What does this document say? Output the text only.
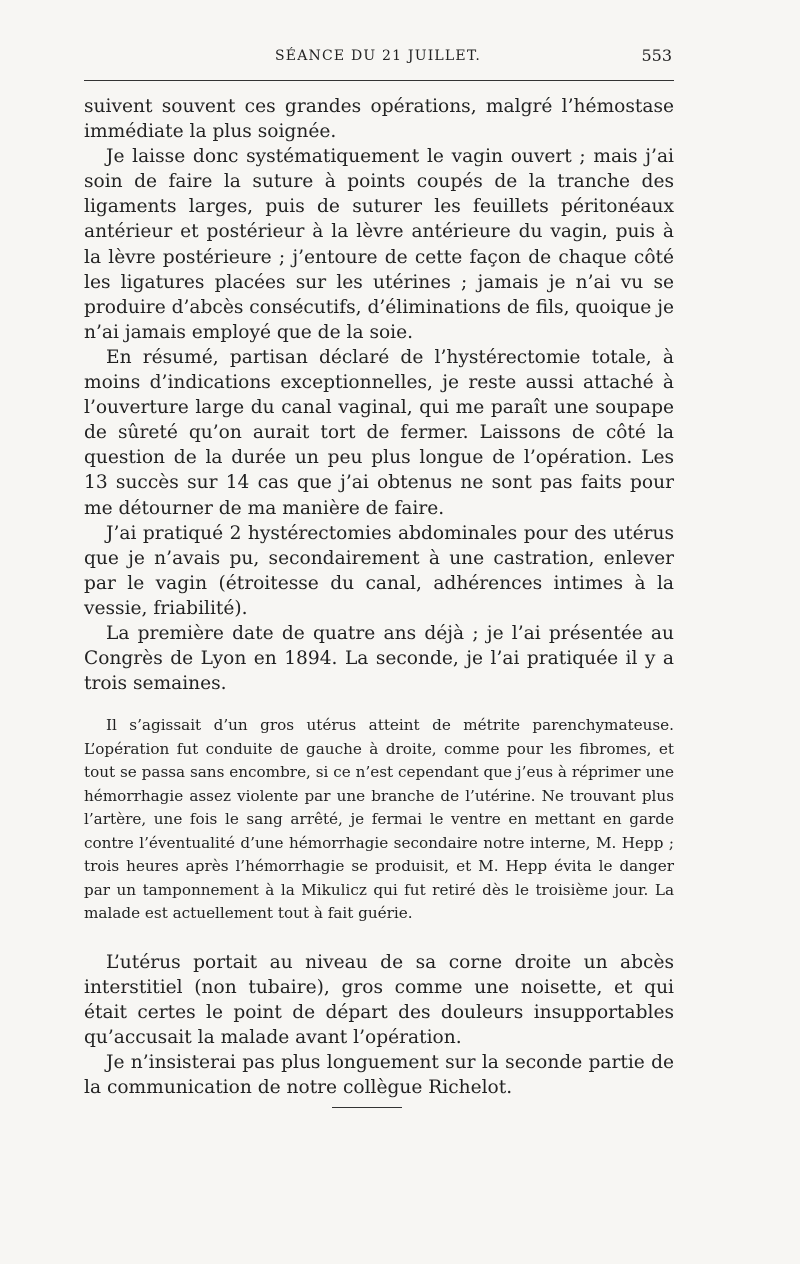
SÉANCE DU 21 JUILLET.	553

suivent souvent ces grandes opérations, malgré l’hémostase immédiate la plus soignée.

Je laisse donc systématiquement le vagin ouvert ; mais j’ai soin de faire la suture à points coupés de la tranche des ligaments larges, puis de suturer les feuillets péritonéaux antérieur et postérieur à la lèvre antérieure du vagin, puis à la lèvre postérieure ; j’entoure de cette façon de chaque côté les ligatures placées sur les utérines ; jamais je n’ai vu se produire d’abcès consécutifs, d’éliminations de fils, quoique je n’ai jamais employé que de la soie.

En résumé, partisan déclaré de l’hystérectomie totale, à moins d’indications exceptionnelles, je reste aussi attaché à l’ouverture large du canal vaginal, qui me paraît une soupape de sûreté qu’on aurait tort de fermer. Laissons de côté la question de la durée un peu plus longue de l’opération. Les 13 succès sur 14 cas que j’ai obtenus ne sont pas faits pour me détourner de ma manière de faire.

J’ai pratiqué 2 hystérectomies abdominales pour des utérus que je n’avais pu, secondairement à une castration, enlever par le vagin (étroitesse du canal, adhérences intimes à la vessie, friabilité).

La première date de quatre ans déjà ; je l’ai présentée au Congrès de Lyon en 1894. La seconde, je l’ai pratiquée il y a trois semaines.

Il s’agissait d’un gros utérus atteint de métrite parenchymateuse. L’opération fut conduite de gauche à droite, comme pour les fibromes, et tout se passa sans encombre, si ce n’est cependant que j’eus à réprimer une hémorrhagie assez violente par une branche de l’utérine. Ne trouvant plus l’artère, une fois le sang arrêté, je fermai le ventre en mettant en garde contre l’éventualité d’une hémorrhagie secondaire notre interne, M. Hepp ; trois heures après l’hémorrhagie se produisit, et M. Hepp évita le danger par un tamponnement à la Mikulicz qui fut retiré dès le troisième jour. La malade est actuellement tout à fait guérie.

L’utérus portait au niveau de sa corne droite un abcès interstitiel (non tubaire), gros comme une noisette, et qui était certes le point de départ des douleurs insupportables qu’accusait la malade avant l’opération.

Je n’insisterai pas plus longuement sur la seconde partie de la communication de notre collègue Richelot.
